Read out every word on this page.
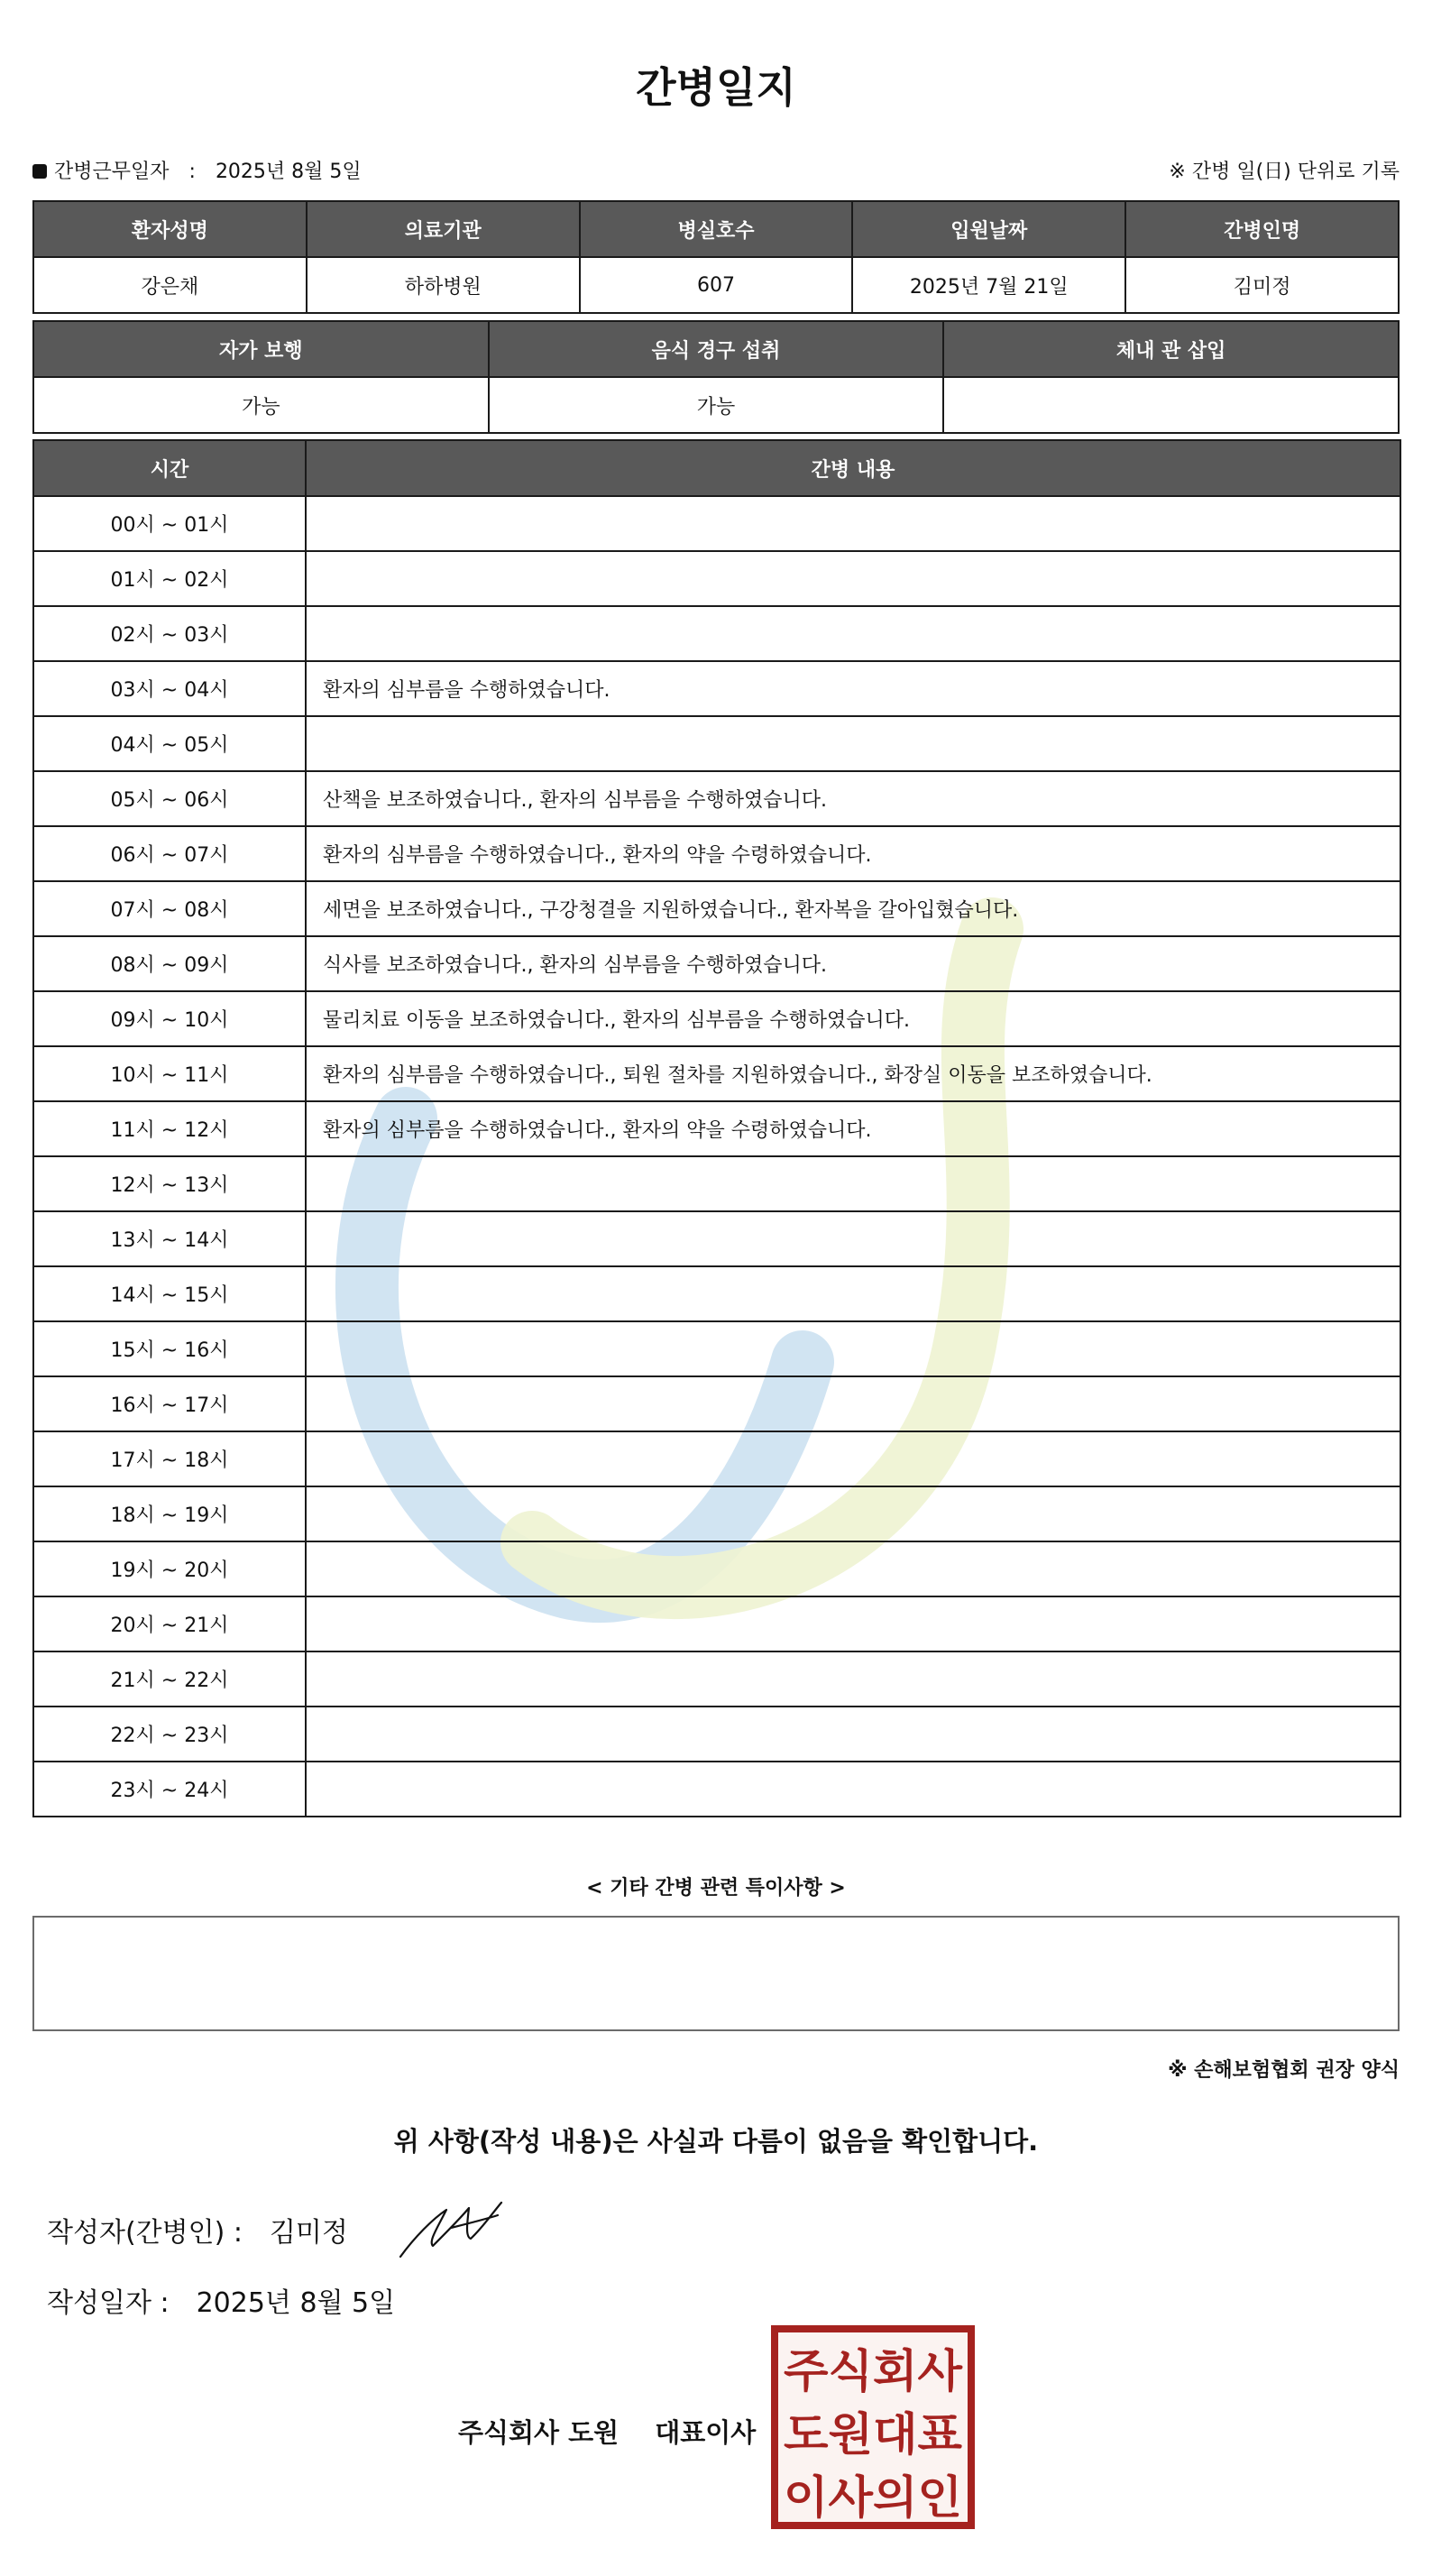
간병일지
간병근무일자 : 2025년 8월 5일	※ 간병 일(日) 단위로 기록
환자성명	의료기관	병실호수	입원날짜	간병인명
강은채	하하병원	607	2025년 7월 21일	김미정
자가 보행	음식 경구 섭취	체내 관 삽입
가능	가능	
시간	간병 내용
00시 ~ 01시	
01시 ~ 02시	
02시 ~ 03시	
03시 ~ 04시	환자의 심부름을 수행하였습니다.
04시 ~ 05시	
05시 ~ 06시	산책을 보조하였습니다., 환자의 심부름을 수행하였습니다.
06시 ~ 07시	환자의 심부름을 수행하였습니다., 환자의 약을 수령하였습니다.
07시 ~ 08시	세면을 보조하였습니다., 구강청결을 지원하였습니다., 환자복을 갈아입혔습니다.
08시 ~ 09시	식사를 보조하였습니다., 환자의 심부름을 수행하였습니다.
09시 ~ 10시	물리치료 이동을 보조하였습니다., 환자의 심부름을 수행하였습니다.
10시 ~ 11시	환자의 심부름을 수행하였습니다., 퇴원 절차를 지원하였습니다., 화장실 이동을 보조하였습니다.
11시 ~ 12시	환자의 심부름을 수행하였습니다., 환자의 약을 수령하였습니다.
12시 ~ 13시	
13시 ~ 14시	
14시 ~ 15시	
15시 ~ 16시	
16시 ~ 17시	
17시 ~ 18시	
18시 ~ 19시	
19시 ~ 20시	
20시 ~ 21시	
21시 ~ 22시	
22시 ~ 23시	
23시 ~ 24시	
< 기타 간병 관련 특이사항 >
※ 손해보험협회 권장 양식
위 사항(작성 내용)은 사실과 다름이 없음을 확인합니다.
작성자(간병인) : 김미정
작성일자 : 2025년 8월 5일
주식회사 도원 대표이사
주식회사
도원대표
이사의인
